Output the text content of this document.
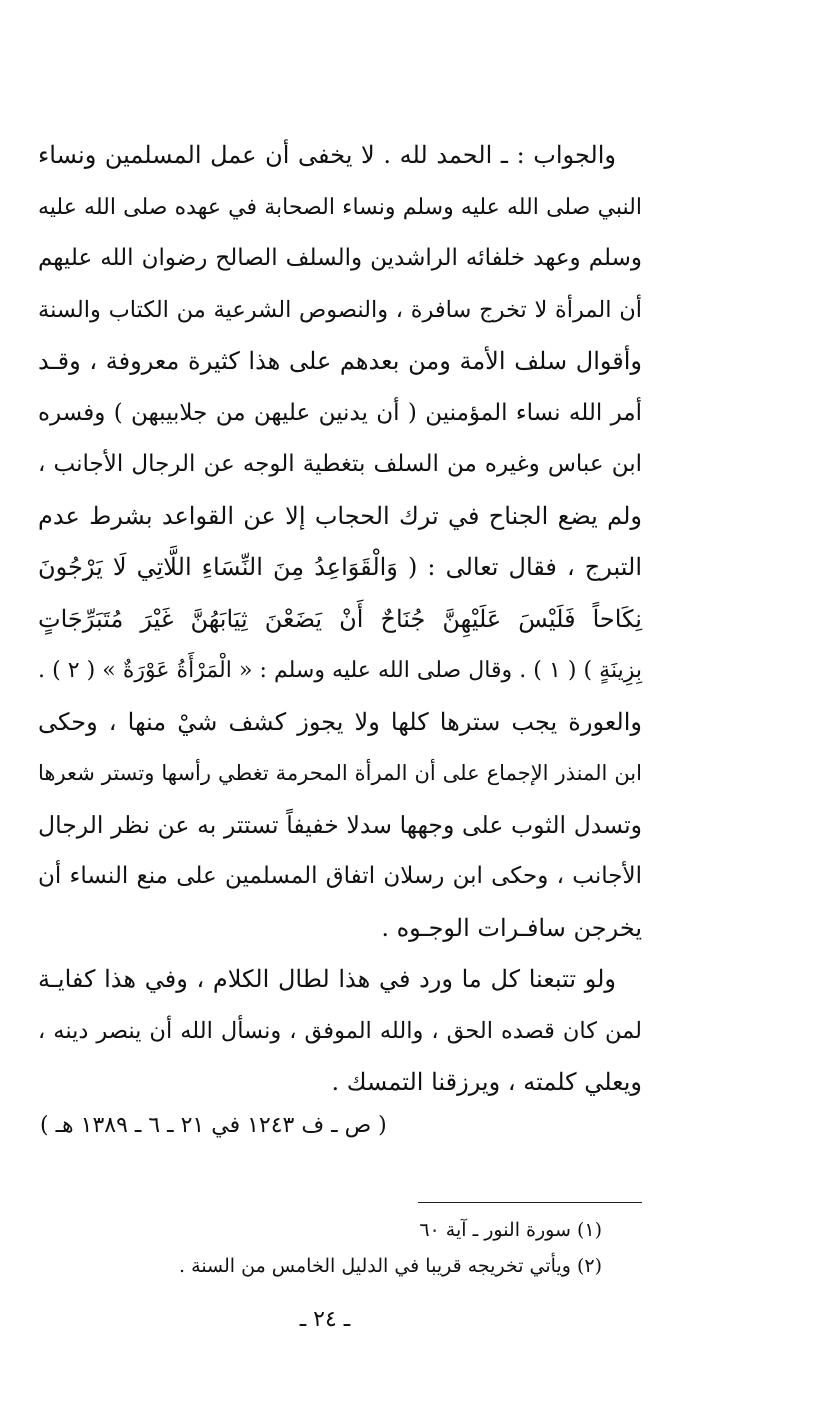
والجواب : ـ الحمد لله . لا يخفى أن عمل المسلمين ونساء
النبي صلى الله عليه وسلم ونساء الصحابة في عهده صلى الله عليه
وسلم وعهد خلفائه الراشدين والسلف الصالح رضوان الله عليهم
أن المرأة لا تخرج سافرة ، والنصوص الشرعية من الكتاب والسنة
وأقوال سلف الأمة ومن بعدهم على هذا كثيرة معروفة ، وقـد
أمر الله نساء المؤمنين ( أن يدنين عليهن من جلابيبهن ) وفسره
ابن عباس وغيره من السلف بتغطية الوجه عن الرجال الأجانب ،
ولم يضع الجناح في ترك الحجاب إلا عن القواعد بشرط عدم
التبرج ، فقال تعالى : ( وَالْقَوَاعِدُ مِنَ النِّسَاءِ اللَّاتِي لَا يَرْجُونَ
نِكَاحاً فَلَيْسَ عَلَيْهِنَّ جُنَاحٌ أَنْ يَضَعْنَ ثِيَابَهُنَّ غَيْرَ مُتَبَرِّجَاتٍ
بِزِينَةٍ ) ( ١ ) . وقال صلى الله عليه وسلم : « الْمَرْأَةُ عَوْرَةٌ » ( ٢ ) .
والعورة يجب سترها كلها ولا يجوز كشف شيْ منها ، وحكى
ابن المنذر الإجماع على أن المرأة المحرمة تغطي رأسها وتستر شعرها
وتسدل الثوب على وجهها سدلا خفيفاً تستتر به عن نظر الرجال
الأجانب ، وحكى ابن رسلان اتفاق المسلمين على منع النساء أن
يخرجن سافـرات الوجـوه .
ولو تتبعنا كل ما ورد في هذا لطال الكلام ، وفي هذا كفايـة
لمن كان قصده الحق ، والله الموفق ، ونسأل الله أن ينصر دينه ،
ويعلي كلمته ، ويرزقنا التمسك .
( ص ـ ف ١٢٤٣ في ٢١ ـ ٦ ـ ١٣٨٩ هـ )
(١) سورة النور ـ آية ٦٠
(٢) ويأتي تخريجه قريبا في الدليل الخامس من السنة .
ـ ٢٤ ـ
